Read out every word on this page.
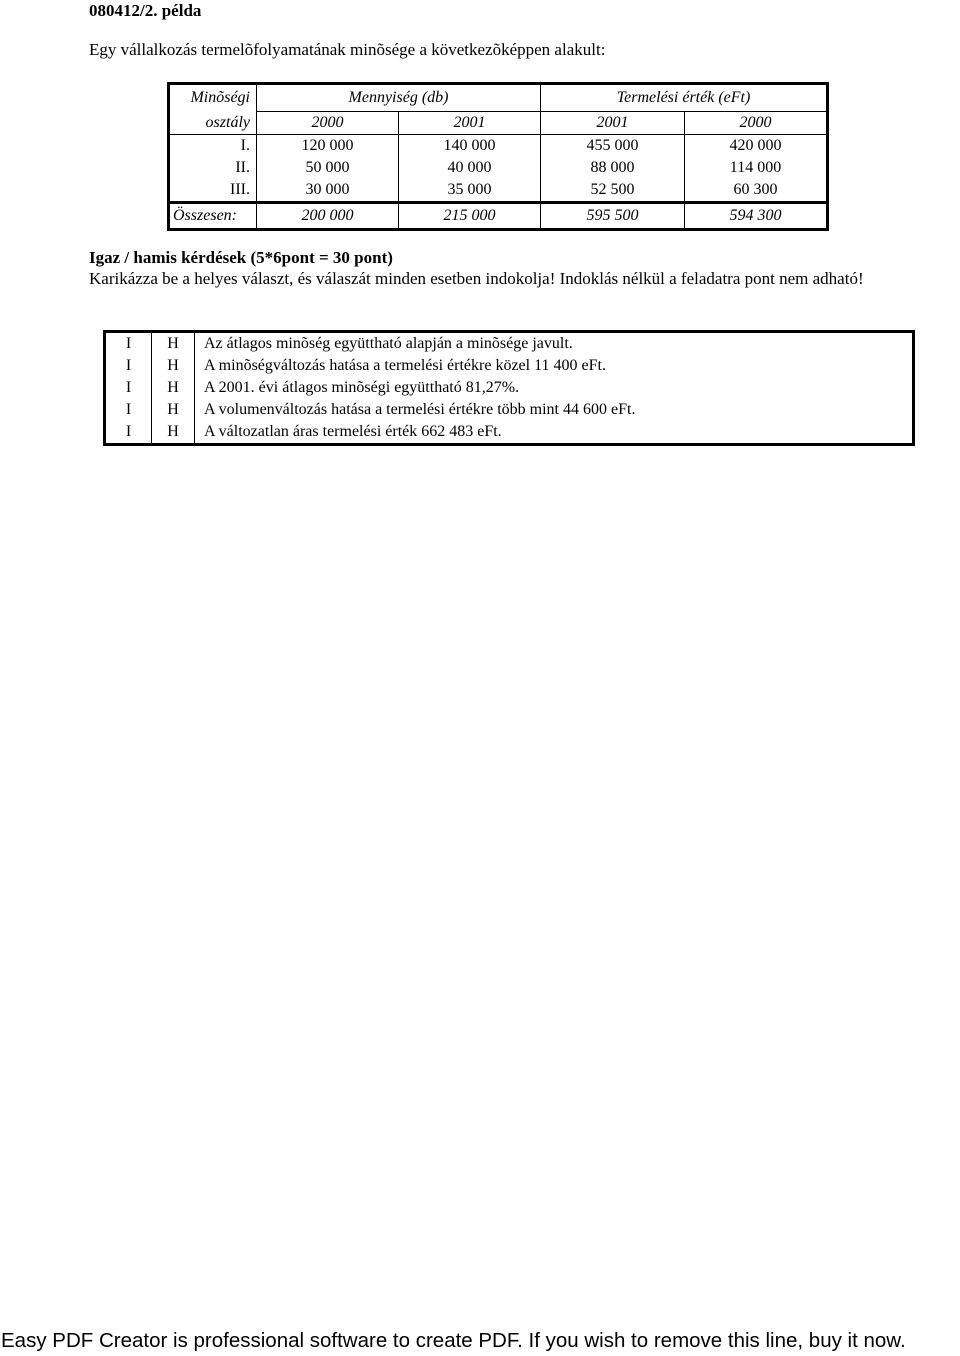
080412/2. példa

Egy vállalkozás termelõfolyamatának minõsége a következõképpen alakult:

Minõségi	Mennyiség (db)		Termelési érték (eFt)	
osztály	2000	2001	2001	2000
I.	120 000	140 000	455 000	420 000
II.	50 000	40 000	88 000	114 000
III.	30 000	35 000	52 500	60 300
Összesen:	200 000	215 000	595 500	594 300

Igaz / hamis kérdések (5*6pont = 30 pont)

Karikázza be a helyes választ, és válaszát minden esetben indokolja! Indoklás nélkül a feladatra pont nem adható!

I	H	Az átlagos minõség együttható alapján a minõsége javult.
I	H	A minõségváltozás hatása a termelési értékre közel 11 400 eFt.
I	H	A 2001. évi átlagos minõségi együttható 81,27%.
I	H	A volumenváltozás hatása a termelési értékre több mint 44 600 eFt.
I	H	A változatlan áras termelési érték 662 483 eFt.

Easy PDF Creator is professional software to create PDF. If you wish to remove this line, buy it now.
